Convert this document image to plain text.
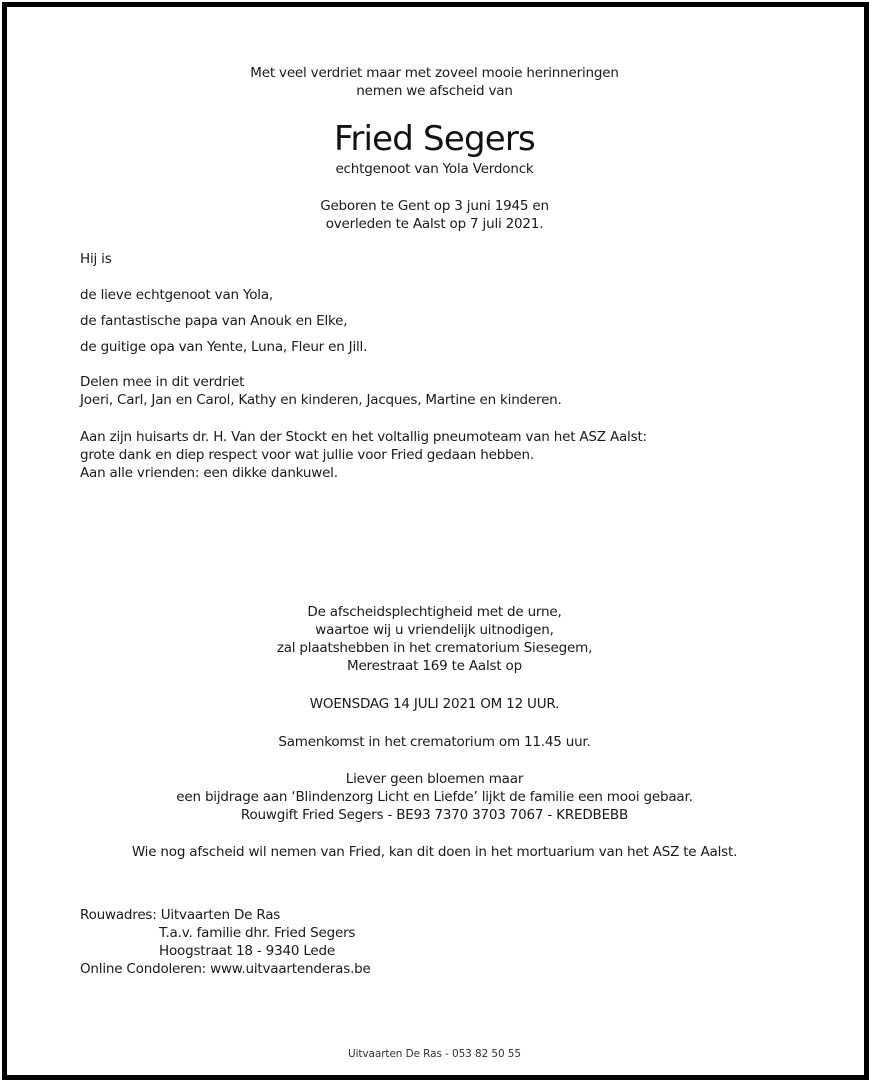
Met veel verdriet maar met zoveel mooie herinneringen
nemen we afscheid van
Fried Segers
echtgenoot van Yola Verdonck
Geboren te Gent op 3 juni 1945 en
overleden te Aalst op 7 juli 2021.
Hij is
de lieve echtgenoot van Yola,
de fantastische papa van Anouk en Elke,
de guitige opa van Yente, Luna, Fleur en Jill.
Delen mee in dit verdriet
Joeri, Carl, Jan en Carol, Kathy en kinderen, Jacques, Martine en kinderen.
Aan zijn huisarts dr. H. Van der Stockt en het voltallig pneumoteam van het ASZ Aalst:
grote dank en diep respect voor wat jullie voor Fried gedaan hebben.
Aan alle vrienden: een dikke dankuwel.
De afscheidsplechtigheid met de urne,
waartoe wij u vriendelijk uitnodigen,
zal plaatshebben in het crematorium Siesegem,
Merestraat 169 te Aalst op
WOENSDAG 14 JULI 2021 OM 12 UUR.
Samenkomst in het crematorium om 11.45 uur.
Liever geen bloemen maar
een bijdrage aan ‘Blindenzorg Licht en Liefde’ lijkt de familie een mooi gebaar.
Rouwgift Fried Segers - BE93 7370 3703 7067 - KREDBEBB
Wie nog afscheid wil nemen van Fried, kan dit doen in het mortuarium van het ASZ te Aalst.
Rouwadres: Uitvaarten De Ras
T.a.v. familie dhr. Fried Segers
Hoogstraat 18 - 9340 Lede
Online Condoleren: www.uitvaartenderas.be
Uitvaarten De Ras - 053 82 50 55
